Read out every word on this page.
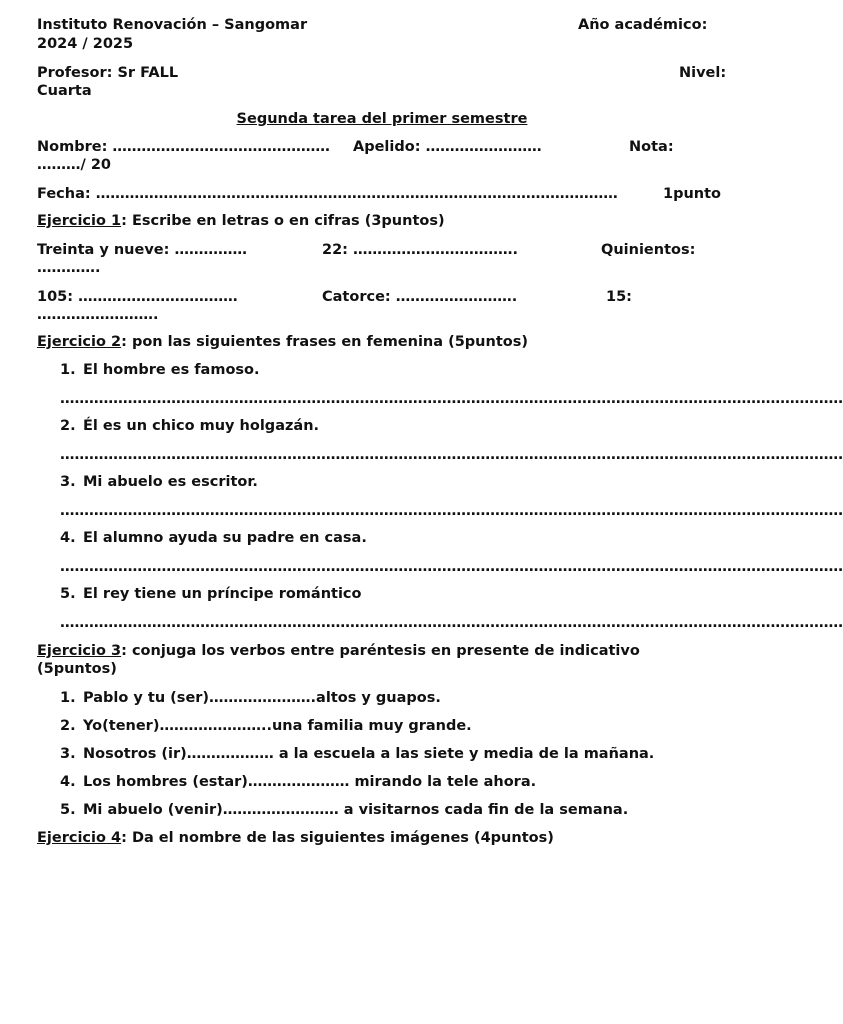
Instituto Renovación – Sangomar	Año académico:
2024 / 2025
Profesor: Sr FALL	Nivel:
Cuarta
Segunda tarea del primer semestre
Nombre: ……………………………………… Apelido: ……………………	Nota:
………/ 20
Fecha: ………………………………………………………………………………………………	1punto
Ejercicio 1: Escribe en letras o en cifras (3puntos)
Treinta y nueve: ……………	22: …………………………….	Quinientos:
………….
105: ……………………………	Catorce: …………………….	15:
…………………….
Ejercicio 2: pon las siguientes frases en femenina (5puntos)
1. El hombre es famoso.
………………………………………………………………………………………………………………………………………………
2. Él es un chico muy holgazán.
………………………………………………………………………………………………………………………………………………
3. Mi abuelo es escritor.
………………………………………………………………………………………………………………………………………………
4. El alumno ayuda su padre en casa.
………………………………………………………………………………………………………………………………………………
5. El rey tiene un príncipe romántico
………………………………………………………………………………………………………………………………………………
Ejercicio 3: conjuga los verbos entre paréntesis en presente de indicativo
(5puntos)
1. Pablo y tu (ser)………………….altos y guapos.
2. Yo(tener)…………………..una familia muy grande.
3. Nosotros (ir)……………… a la escuela a las siete y media de la mañana.
4. Los hombres (estar)………………… mirando la tele ahora.
5. Mi abuelo (venir)…………………… a visitarnos cada fin de la semana.
Ejercicio 4: Da el nombre de las siguientes imágenes (4puntos)
